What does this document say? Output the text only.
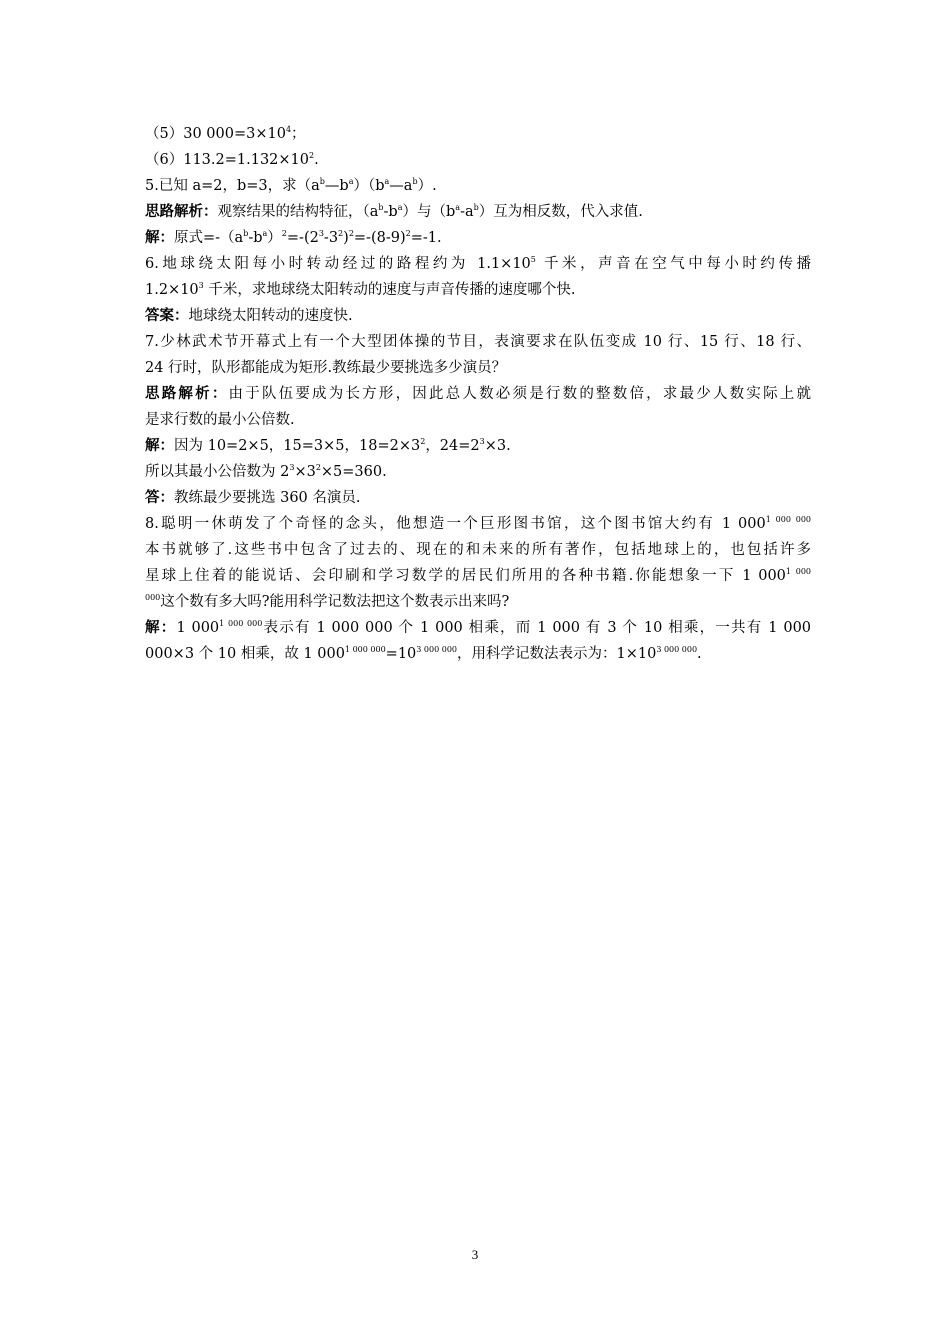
（5）30 $000=3\times 10^4$；
$(6)113.2=1.132\times 10^2$.
5.已知 a=2，b=3，求$(a^b—b^a)(b^a—a^b)$.
思路解析：观察结果的结构特征，$(a^b-b^a)$与$(b^a-a^b)$互为相反数，代入求值.
解：原式$=-(a^b-b^a)^2=-(2^3-3^2)^2=-(8-9)^2=-1$.
6.地球绕太阳每小时转动经过的路程约为 $1.1\times 10^5$ 千米，声音在空气中每小时约传播
$1.2\times 10^3$ 千米，求地球绕太阳转动的速度与声音传播的速度哪个快.
答案：地球绕太阳转动的速度快.
7.少林武术节开幕式上有一个大型团体操的节目，表演要求在队伍变成 10 行、15 行、18 行、
24 行时，队形都能成为矩形.教练最少要挑选多少演员？
思路解析：由于队伍要成为长方形，因此总人数必须是行数的整数倍，求最少人数实际上就
是求行数的最小公倍数.
解：因为 10=2×5，15=3×5，$18=2\times 3^2$，$24=2^3\times 3$.
所以其最小公倍数为 $2^3\times 3^2\times 5=360$.
答：教练最少要挑选 360 名演员.
8.聪明一休萌发了个奇怪的念头，他想造一个巨形图书馆，这个图书馆大约有 1 $000^{1 000 000}$
本书就够了.这些书中包含了过去的、现在的和未来的所有著作，包括地球上的，也包括许多
星球上住着的能说话、会印刷和学习数学的居民们所用的各种书籍.你能想象一下 1 $000^{1 000}$
$^{000}$这个数有多大吗?能用科学记数法把这个数表示出来吗?
解：1 $000^{1 000 000}$表示有 1 000 000 个 1 000 相乘，而 1 000 有 3 个 10 相乘，一共有 1 000
000×3 个 10 相乘，故 1 $000^{1 000 000}=10^{3 000 000}$，用科学记数法表示为：$1\times 10^{3 000 000}$.
3
